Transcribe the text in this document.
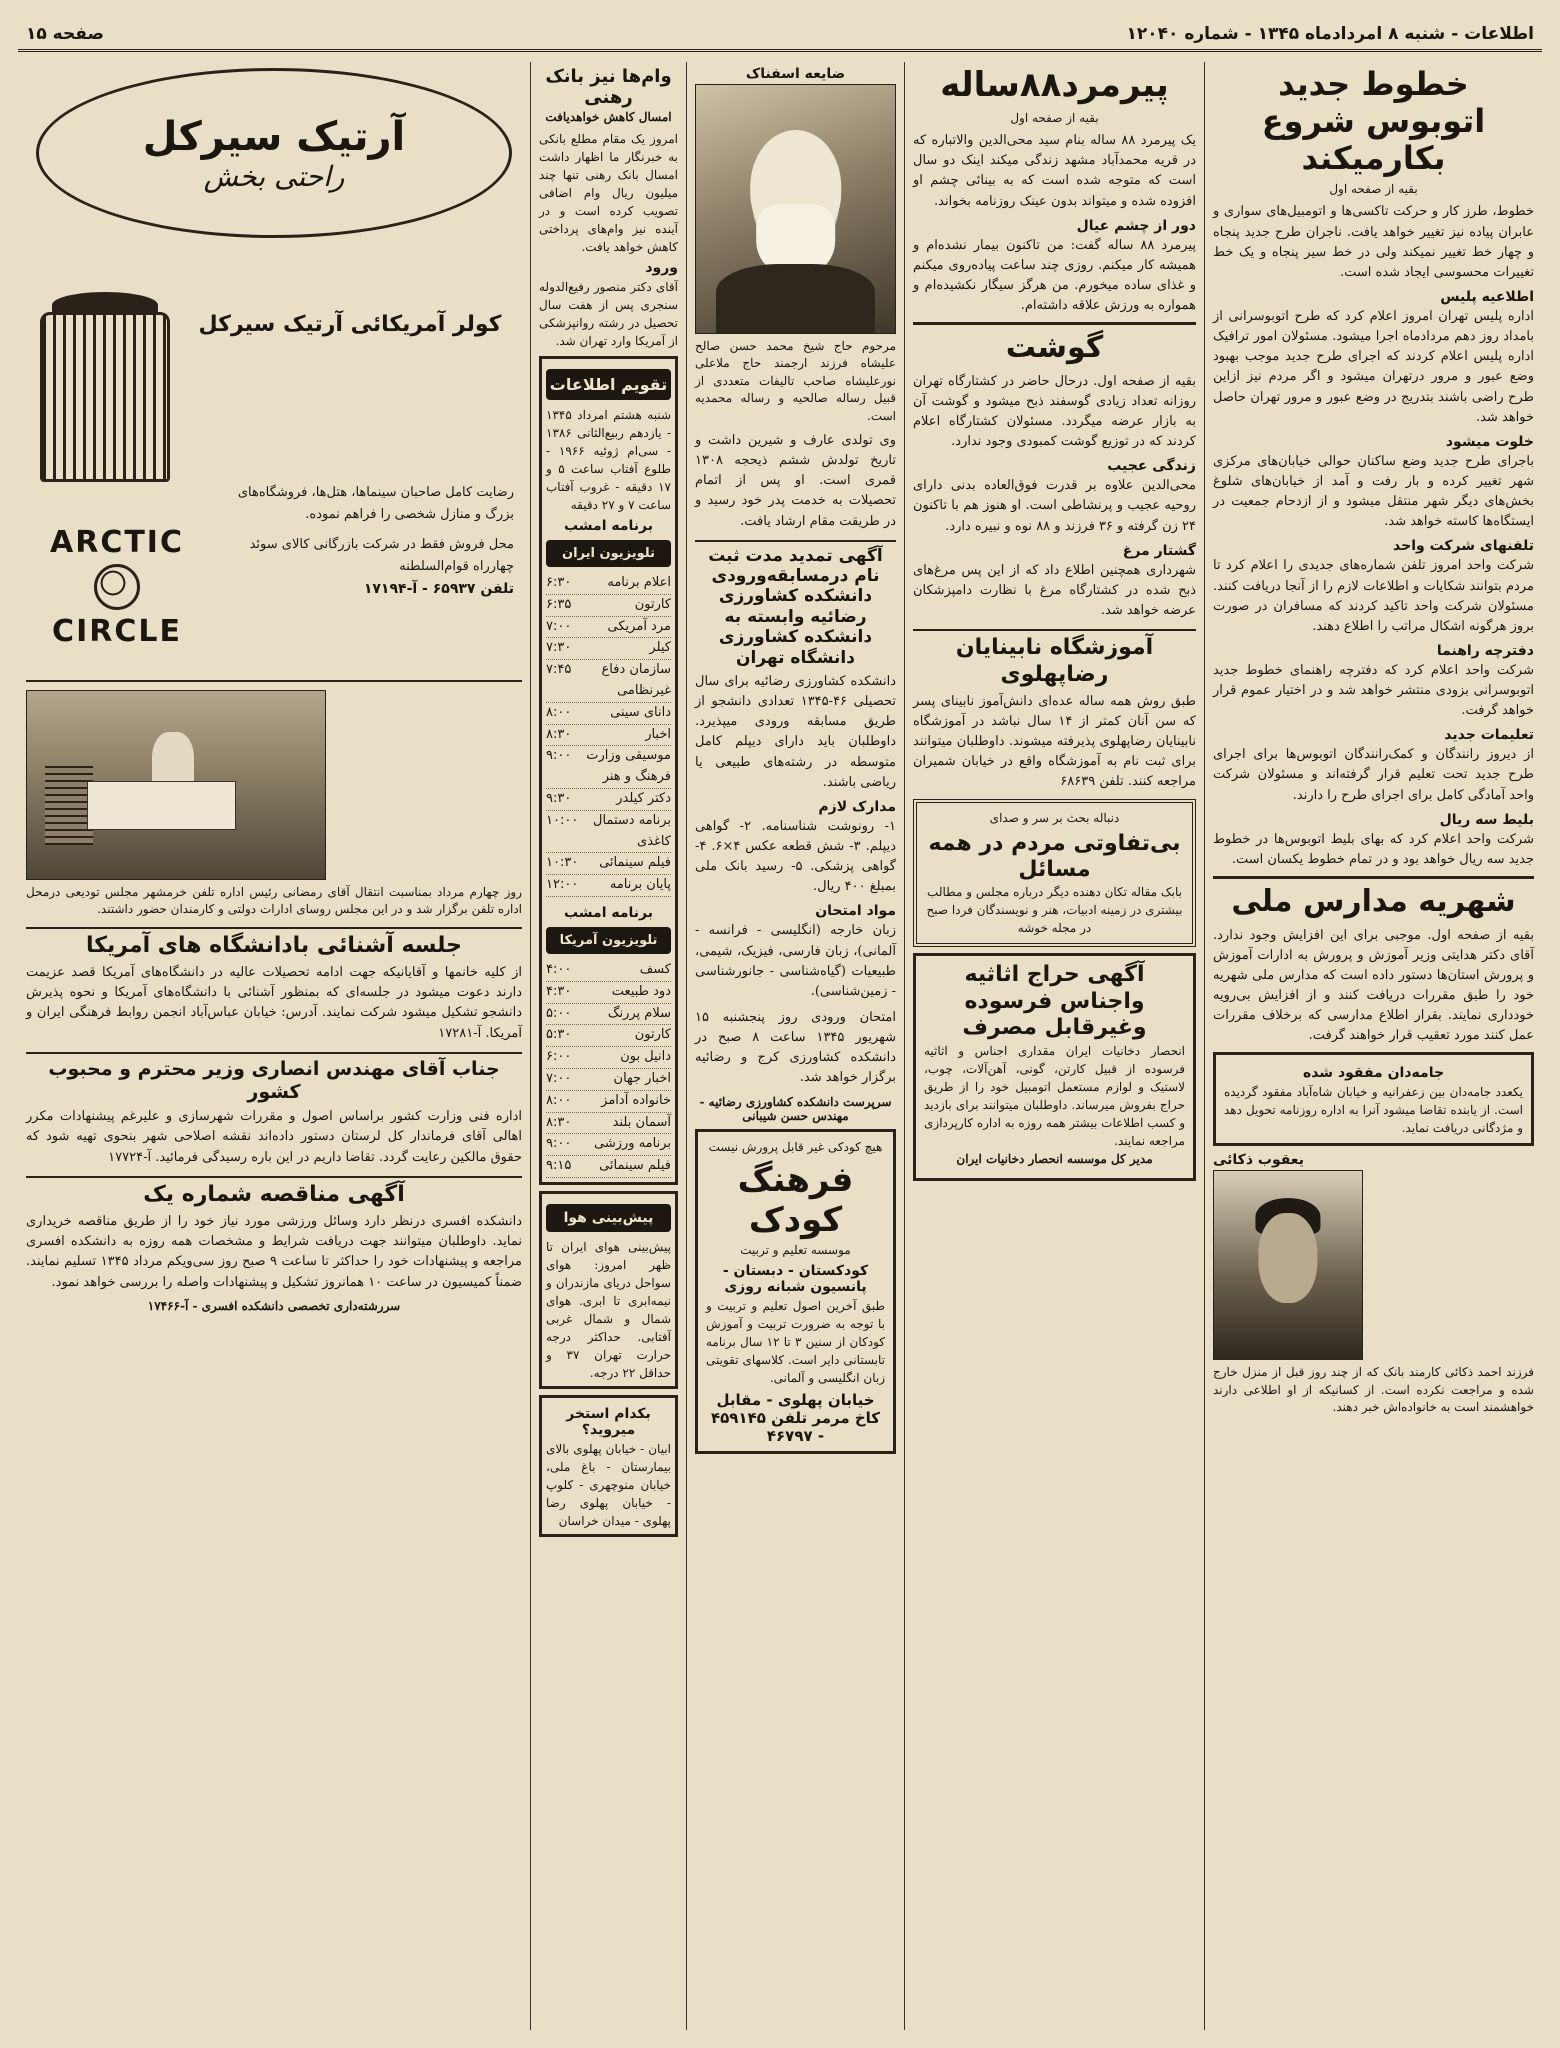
اطلاعات - شنبه ۸ امردادماه ۱۳۴۵ - شماره ۱۲۰۴۰
صفحه ۱۵
خطوط جدید اتوبوس شروع بکارمیکند
بقیه از صفحه اول

خطوط، طرز کار و حرکت تاکسی‌ها و اتومبیل‌های سواری و عابران پیاده نیز تغییر خواهد یافت. ناجران طرح جدید پنجاه و چهار خط تغییر نمیکند ولی در خط سیر پنجاه و یک خط تغییرات محسوسی ایجاد شده است.

اطلاعیه پلیس

اداره پلیس تهران امروز اعلام کرد که طرح اتوبوسرانی از بامداد روز دهم مردادماه اجرا میشود. مسئولان امور ترافیک اداره پلیس اعلام کردند که اجرای طرح جدید موجب بهبود وضع عبور و مرور درتهران میشود و اگر مردم نیز ازاین طرح راضی باشند بتدریج در وضع عبور و مرور تهران حاصل خواهد شد.

خلوت میشود

باجرای طرح جدید وضع ساکنان حوالی خیابان‌های مرکزی شهر تغییر کرده و بار رفت و آمد از خیابان‌های شلوغ بخش‌های دیگر شهر منتقل میشود و از ازدحام جمعیت در ایستگاه‌ها کاسته خواهد شد.

تلفنهای شرکت واحد

شرکت واحد امروز تلفن شماره‌های جدیدی را اعلام کرد تا مردم بتوانند شکایات و اطلاعات لازم را از آنجا دریافت کنند. مسئولان شرکت واحد تاکید کردند که مسافران در صورت بروز هرگونه اشکال مراتب را اطلاع دهند.

دفترچه راهنما

شرکت واحد اعلام کرد که دفترچه راهنمای خطوط جدید اتوبوسرانی بزودی منتشر خواهد شد و در اختیار عموم قرار خواهد گرفت.

تعلیمات جدید

از دیروز رانندگان و کمک‌رانندگان اتوبوس‌ها برای اجرای طرح جدید تحت تعلیم قرار گرفته‌اند و مسئولان شرکت واحد آمادگی کامل برای اجرای طرح را دارند.

بلیط سه ریال

شرکت واحد اعلام کرد که بهای بلیط اتوبوس‌ها در خطوط جدید سه ریال خواهد بود و در تمام خطوط یکسان است.

شهریه مدارس ملی

بقیه از صفحه اول. موجبی برای این افزایش وجود ندارد. آقای دکتر هدایتی وزیر آموزش و پرورش به ادارات آموزش و پرورش استان‌ها دستور داده است که مدارس ملی شهریه خود را طبق مقررات دریافت کنند و از افزایش بی‌رویه خودداری نمایند. بقرار اطلاع مدارسی که برخلاف مقررات عمل کنند مورد تعقیب قرار خواهند گرفت.

جامه‌دان مفقود شده

یکعدد جامه‌دان بین زعفرانیه و خیابان شاه‌آباد مفقود گردیده است. از یابنده تقاضا میشود آنرا به اداره روزنامه تحویل دهد و مژدگانی دریافت نماید.

یعقوب ذکائی

فرزند احمد ذکائی کارمند بانک که از چند روز قبل از منزل خارج شده و مراجعت نکرده است. از کسانیکه از او اطلاعی دارند خواهشمند است به خانواده‌اش خبر دهند.

پیرمرد۸۸ساله
بقیه از صفحه اول

یک پیرمرد ۸۸ ساله بنام سید محی‌الدین والاتباره که در قریه محمدآباد مشهد زندگی میکند اینک دو سال است که متوجه شده است که به بینائی چشم او افزوده شده و میتواند بدون عینک روزنامه بخواند.

دور از چشم عیال

پیرمرد ۸۸ ساله گفت: من تاکنون بیمار نشده‌ام و همیشه کار میکنم. روزی چند ساعت پیاده‌روی میکنم و غذای ساده میخورم. من هرگز سیگار نکشیده‌ام و همواره به ورزش علاقه داشته‌ام.

گوشت

بقیه از صفحه اول. درحال حاضر در کشتارگاه تهران روزانه تعداد زیادی گوسفند ذبح میشود و گوشت آن به بازار عرضه میگردد. مسئولان کشتارگاه اعلام کردند که در توزیع گوشت کمبودی وجود ندارد.

زندگی عجیب

محی‌الدین علاوه بر قدرت فوق‌العاده بدنی دارای روحیه عجیب و پرنشاطی است. او هنوز هم با تاکنون ۲۴ زن گرفته و ۳۶ فرزند و ۸۸ نوه و نبیره دارد.

گشتار مرغ

شهرداری همچنین اطلاع داد که از این پس مرغ‌های ذبح شده در کشتارگاه مرغ با نظارت دامپزشکان عرضه خواهد شد.

آموزشگاه نابینایان رضاپهلوی

طبق روش همه ساله عده‌ای دانش‌آموز نابینای پسر که سن آنان کمتر از ۱۴ سال نباشد در آموزشگاه نابینایان رضاپهلوی پذیرفته میشوند. داوطلبان میتوانند برای ثبت نام به آموزشگاه واقع در خیابان شمیران مراجعه کنند. تلفن ۶۸۶۳۹

دنباله بحث بر سر و صدای
بی‌تفاوتی مردم در همه مسائل

بابک مقاله تکان دهنده دیگر درباره مجلس و مطالب بیشتری در زمینه ادبیات، هنر و نویسندگان فردا صبح در مجله خوشه

آگهی حراج اثاثیه واجناس فرسوده وغیرقابل مصرف

انحصار دخانیات ایران مقداری اجناس و اثاثیه فرسوده از قبیل کارتن، گونی، آهن‌آلات، چوب، لاستیک و لوازم مستعمل اتومبیل خود را از طریق حراج بفروش میرساند. داوطلبان میتوانند برای بازدید و کسب اطلاعات بیشتر همه روزه به اداره کارپردازی مراجعه نمایند.

مدیر کل موسسه انحصار دخانیات ایران
ضایعه اسفناک

مرحوم حاج شیخ محمد حسن صالح علیشاه فرزند ارجمند حاج ملاعلی نورعلیشاه صاحب تالیفات متعددی از قبیل رساله صالحیه و رساله محمدیه است.

وی تولدی عارف و شیرین داشت و تاریخ تولدش ششم ذیحجه ۱۳۰۸ قمری است. او پس از اتمام تحصیلات به خدمت پدر خود رسید و در طریقت مقام ارشاد یافت.

آگهی تمدید مدت ثبت نام درمسابقه‌ورودی دانشکده کشاورزی رضائیه وابسته به دانشکده کشاورزی دانشگاه تهران

دانشکده کشاورزی رضائیه برای سال تحصیلی ۴۶-۱۳۴۵ تعدادی دانشجو از طریق مسابقه ورودی میپذیرد. داوطلبان باید دارای دیپلم کامل متوسطه در رشته‌های طبیعی یا ریاضی باشند.

مدارک لازم

۱- رونوشت شناسنامه. ۲- گواهی دیپلم. ۳- شش قطعه عکس ۴×۶. ۴- گواهی پزشکی. ۵- رسید بانک ملی بمبلغ ۴۰۰ ریال.

مواد امتحان

زبان خارجه (انگلیسی - فرانسه - آلمانی)، زبان فارسی، فیزیک، شیمی، طبیعیات (گیاه‌شناسی - جانورشناسی - زمین‌شناسی).

امتحان ورودی روز پنجشنبه ۱۵ شهریور ۱۳۴۵ ساعت ۸ صبح در دانشکده کشاورزی کرج و رضائیه برگزار خواهد شد.

سرپرست دانشکده کشاورزی رضائیه - مهندس حسن شیبانی
هیچ کودکی غیر قابل پرورش نیست
فرهنگ کودک
موسسه تعلیم و تربیت
کودکستان - دبستان - پانسیون شبانه روزی

طبق آخرین اصول تعلیم و تربیت و با توجه به ضرورت تربیت و آموزش کودکان از سنین ۳ تا ۱۲ سال برنامه تابستانی دایر است. کلاسهای تقویتی زبان انگلیسی و آلمانی.

خیابان پهلوی - مقابل کاخ مرمر تلفن ۴۵۹۱۴۵ - ۴۶۷۹۷
وام‌ها نیز بانک رهنی
امسال کاهش خواهدیافت

امروز یک مقام مطلع بانکی به خبرنگار ما اظهار داشت امسال بانک رهنی تنها چند میلیون ریال وام اضافی تصویب کرده است و در آینده نیز وام‌های پرداختی کاهش خواهد یافت.

ورود

آقای دکتر منصور رفیع‌الدوله سنجری پس از هفت سال تحصیل در رشته روانپزشکی از آمریکا وارد تهران شد.

تقویم اطلاعات

شنبه هشتم امرداد ۱۳۴۵ - یازدهم ربیع‌الثانی ۱۳۸۶ - سی‌ام ژوئیه ۱۹۶۶ - طلوع آفتاب ساعت ۵ و ۱۷ دقیقه - غروب آفتاب ساعت ۷ و ۲۷ دقیقه

برنامه امشب
تلویزیون ایران
اعلام برنامه
۶:۳۰
کارتون
۶:۳۵
مرد آمریکی
۷:۰۰
کیلر
۷:۳۰
سازمان دفاع غیرنظامی
۷:۴۵
دانای سینی
۸:۰۰
اخبار
۸:۳۰
موسیقی وزارت فرهنگ و هنر
۹:۰۰
دکتر کیلدر
۹:۳۰
برنامه دستمال کاغذی
۱۰:۰۰
فیلم سینمائی
۱۰:۳۰
پایان برنامه
۱۲:۰۰
برنامه امشب
تلویزیون آمریکا
کسف
۴:۰۰
دود طبیعت
۴:۳۰
سلام پررنگ
۵:۰۰
کارتون
۵:۳۰
دانیل بون
۶:۰۰
اخبار جهان
۷:۰۰
خانواده آدامز
۸:۰۰
آسمان بلند
۸:۳۰
برنامه ورزشی
۹:۰۰
فیلم سینمائی
۹:۱۵
پیش‌بینی هوا

پیش‌بینی هوای ایران تا ظهر امروز: هوای سواحل دریای مازندران و نیمه‌ابری تا ابری. هوای شمال و شمال غربی آفتابی. حداکثر درجه حرارت تهران ۳۷ و حداقل ۲۲ درجه.

بکدام استخر میروید؟

ابیان - خیابان پهلوی بالای بیمارستان - باغ ملی، خیابان منوچهری - کلوپ - خیابان پهلوی رضا پهلوی - میدان خراسان

آرتیک سیرکل
راحتی بخش
کولر آمریکائی آرتیک سیرکل
ARCTIC
CIRCLE
رضایت کامل صاحبان سینماها، هتل‌ها، فروشگاه‌های بزرگ و منازل شخصی را فراهم نموده.
محل فروش فقط در شرکت بازرگانی کالای سوئد چهارراه قوام‌السلطنه
تلفن ۶۵۹۳۷ - آ-۱۷۱۹۴

روز چهارم مرداد بمناسبت انتقال آقای رمضانی رئیس اداره تلفن خرمشهر مجلس تودیعی درمحل اداره تلفن برگزار شد و در این مجلس روسای ادارات دولتی و کارمندان حضور داشتند.

جلسه آشنائی بادانشگاه های آمریکا

از کلیه خانمها و آقایانیکه جهت ادامه تحصیلات عالیه در دانشگاه‌های آمریکا قصد عزیمت دارند دعوت میشود در جلسه‌ای که بمنظور آشنائی با دانشگاه‌های آمریکا و نحوه پذیرش دانشجو تشکیل میشود شرکت نمایند. آدرس: خیابان عباس‌آباد انجمن روابط فرهنگی ایران و آمریکا. آ-۱۷۲۸۱

جناب آقای مهندس انصاری وزیر محترم و محبوب کشور

اداره فنی وزارت کشور براساس اصول و مقررات شهرسازی و علیرغم پیشنهادات مکرر اهالی آقای فرماندار کل لرستان دستور داده‌اند نقشه اصلاحی شهر بنحوی تهیه شود که حقوق مالکین رعایت گردد. تقاضا داریم در این باره رسیدگی فرمائید. آ-۱۷۷۲۴

آگهی مناقصه شماره یک

دانشکده افسری درنظر دارد وسائل ورزشی مورد نیاز خود را از طریق مناقصه خریداری نماید. داوطلبان میتوانند جهت دریافت شرایط و مشخصات همه روزه به دانشکده افسری مراجعه و پیشنهادات خود را حداکثر تا ساعت ۹ صبح روز سی‌ویکم مرداد ۱۳۴۵ تسلیم نمایند. ضمناً کمیسیون در ساعت ۱۰ همانروز تشکیل و پیشنهادات واصله را بررسی خواهد نمود.

سررشته‌داری تخصصی دانشکده افسری - آ-۱۷۴۶۶
